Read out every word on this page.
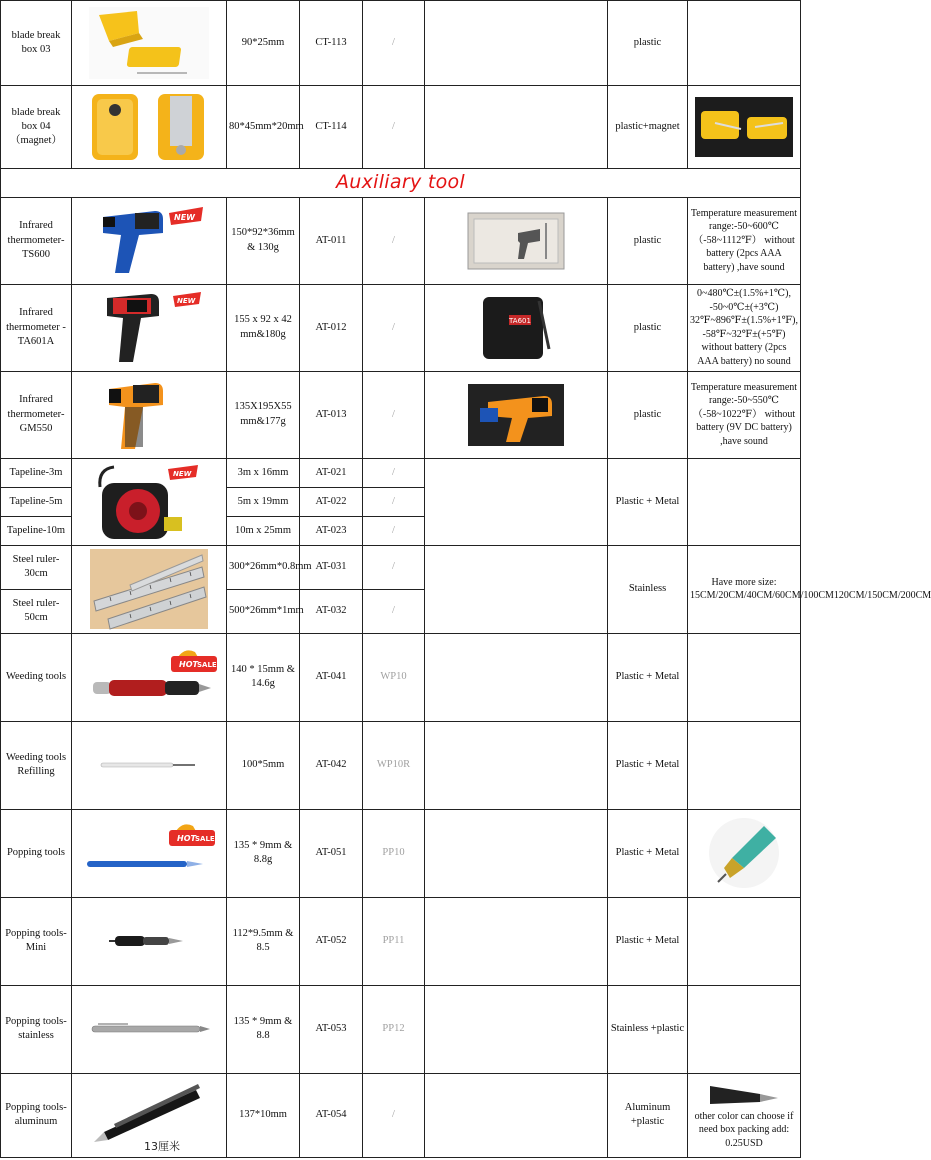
blade break box 03		90*25mm	CT-113	/		plastic	
blade break box 04（magnet）		80*45mm*20mm	CT-114	/		plastic+magnet	

Auxiliary tool							
Infrared thermometer-TS600	NEW	150*92*36mm & 130g	AT-011	/		plastic	Temperature measurement range:-50~600℃（-58~1112℉） without battery (2pcs AAA battery) ,have sound
Infrared thermometer -TA601A	NEW	155 x 92 x 42 mm&180g	AT-012	/	TA601	plastic	0~480℃±(1.5%+1℃), -50~0℃±(+3℃) 32℉~896℉±(1.5%+1℉), -58℉~32℉±(+5℉) without battery (2pcs AAA battery) no sound
Infrared thermometer-GM550		135X195X55 mm&177g	AT-013	/		plastic	Temperature measurement range:-50~550℃（-58~1022℉） without battery (9V DC battery) ,have sound
Tapeline-3m	NEW	3m x 16mm	AT-021	/		Plastic + Metal	
Tapeline-5m		5m x 19mm	AT-022	/			
Tapeline-10m		10m x 25mm	AT-023	/			
Steel ruler-30cm		300*26mm*0.8mm	AT-031	/		Stainless	Have more size: 15CM/20CM/40CM/60CM/100CM120CM/150CM/200CM
Steel ruler-50cm		500*26mm*1mm	AT-032	/			
Weeding tools	HOT SALE	140 * 15mm & 14.6g	AT-041	WP10		Plastic + Metal	
Weeding tools Refilling		100*5mm	AT-042	WP10R		Plastic + Metal	
Popping tools	HOT SALE	135 * 9mm & 8.8g	AT-051	PP10		Plastic + Metal	

Popping tools-Mini		112*9.5mm & 8.5	AT-052	PP11		Plastic + Metal	
Popping tools-stainless		135 * 9mm & 8.8	AT-053	PP12		Stainless +plastic	
Popping tools-aluminum	13厘米	137*10mm	AT-054	/		Aluminum +plastic	other color can choose if need box packing add: 0.25USD
